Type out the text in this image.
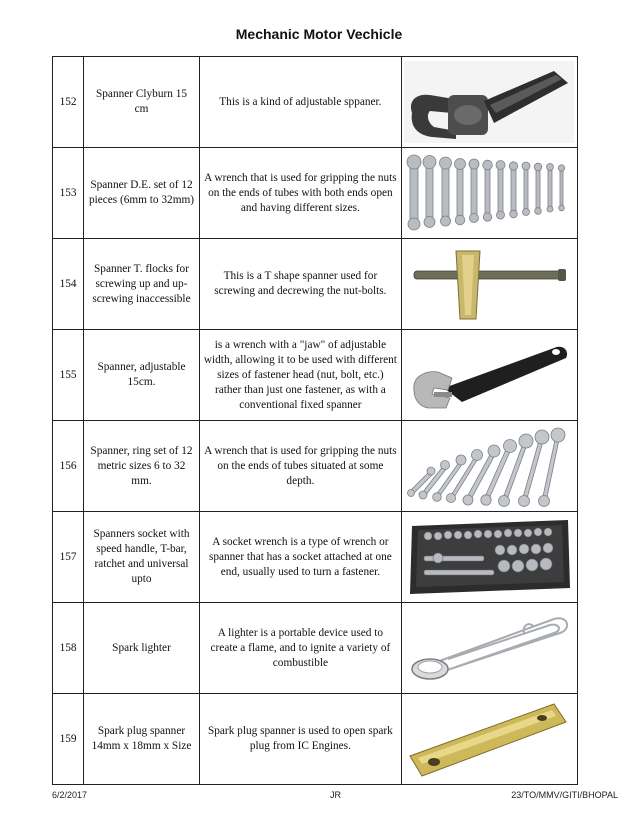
Mechanic Motor Vechicle
152	Spanner Clyburn 15 cm	This is a kind of adjustable sppaner.	

153	Spanner D.E. set of 12 pieces (6mm to 32mm)	A wrench that is used for gripping the nuts on the ends of tubes with both ends open and having different sizes.	

154	Spanner T. flocks for screwing up and up-screwing inaccessible	This is a T shape spanner used for screwing and decrewing the nut-bolts.	

155	Spanner, adjustable 15cm.	is a wrench with a "jaw" of adjustable width, allowing it to be used with different sizes of fastener head (nut, bolt, etc.) rather than just one fastener, as with a conventional fixed spanner	

156	Spanner, ring set of 12 metric sizes 6 to 32 mm.	A wrench that is used for gripping the nuts on the ends of tubes situated at some depth.	

157	Spanners socket with speed handle, T-bar, ratchet and universal upto	A socket wrench is a type of wrench or spanner that has a socket attached at one end, usually used to turn a fastener.	

158	Spark lighter	A lighter is a portable device used to create a flame, and to ignite a variety of combustible	

159	Spark plug spanner 14mm x 18mm x Size	Spark plug spanner is used to open spark plug from IC Engines.	
6/2/2017	JR	23/TO/MMV/GITI/BHOPAL
